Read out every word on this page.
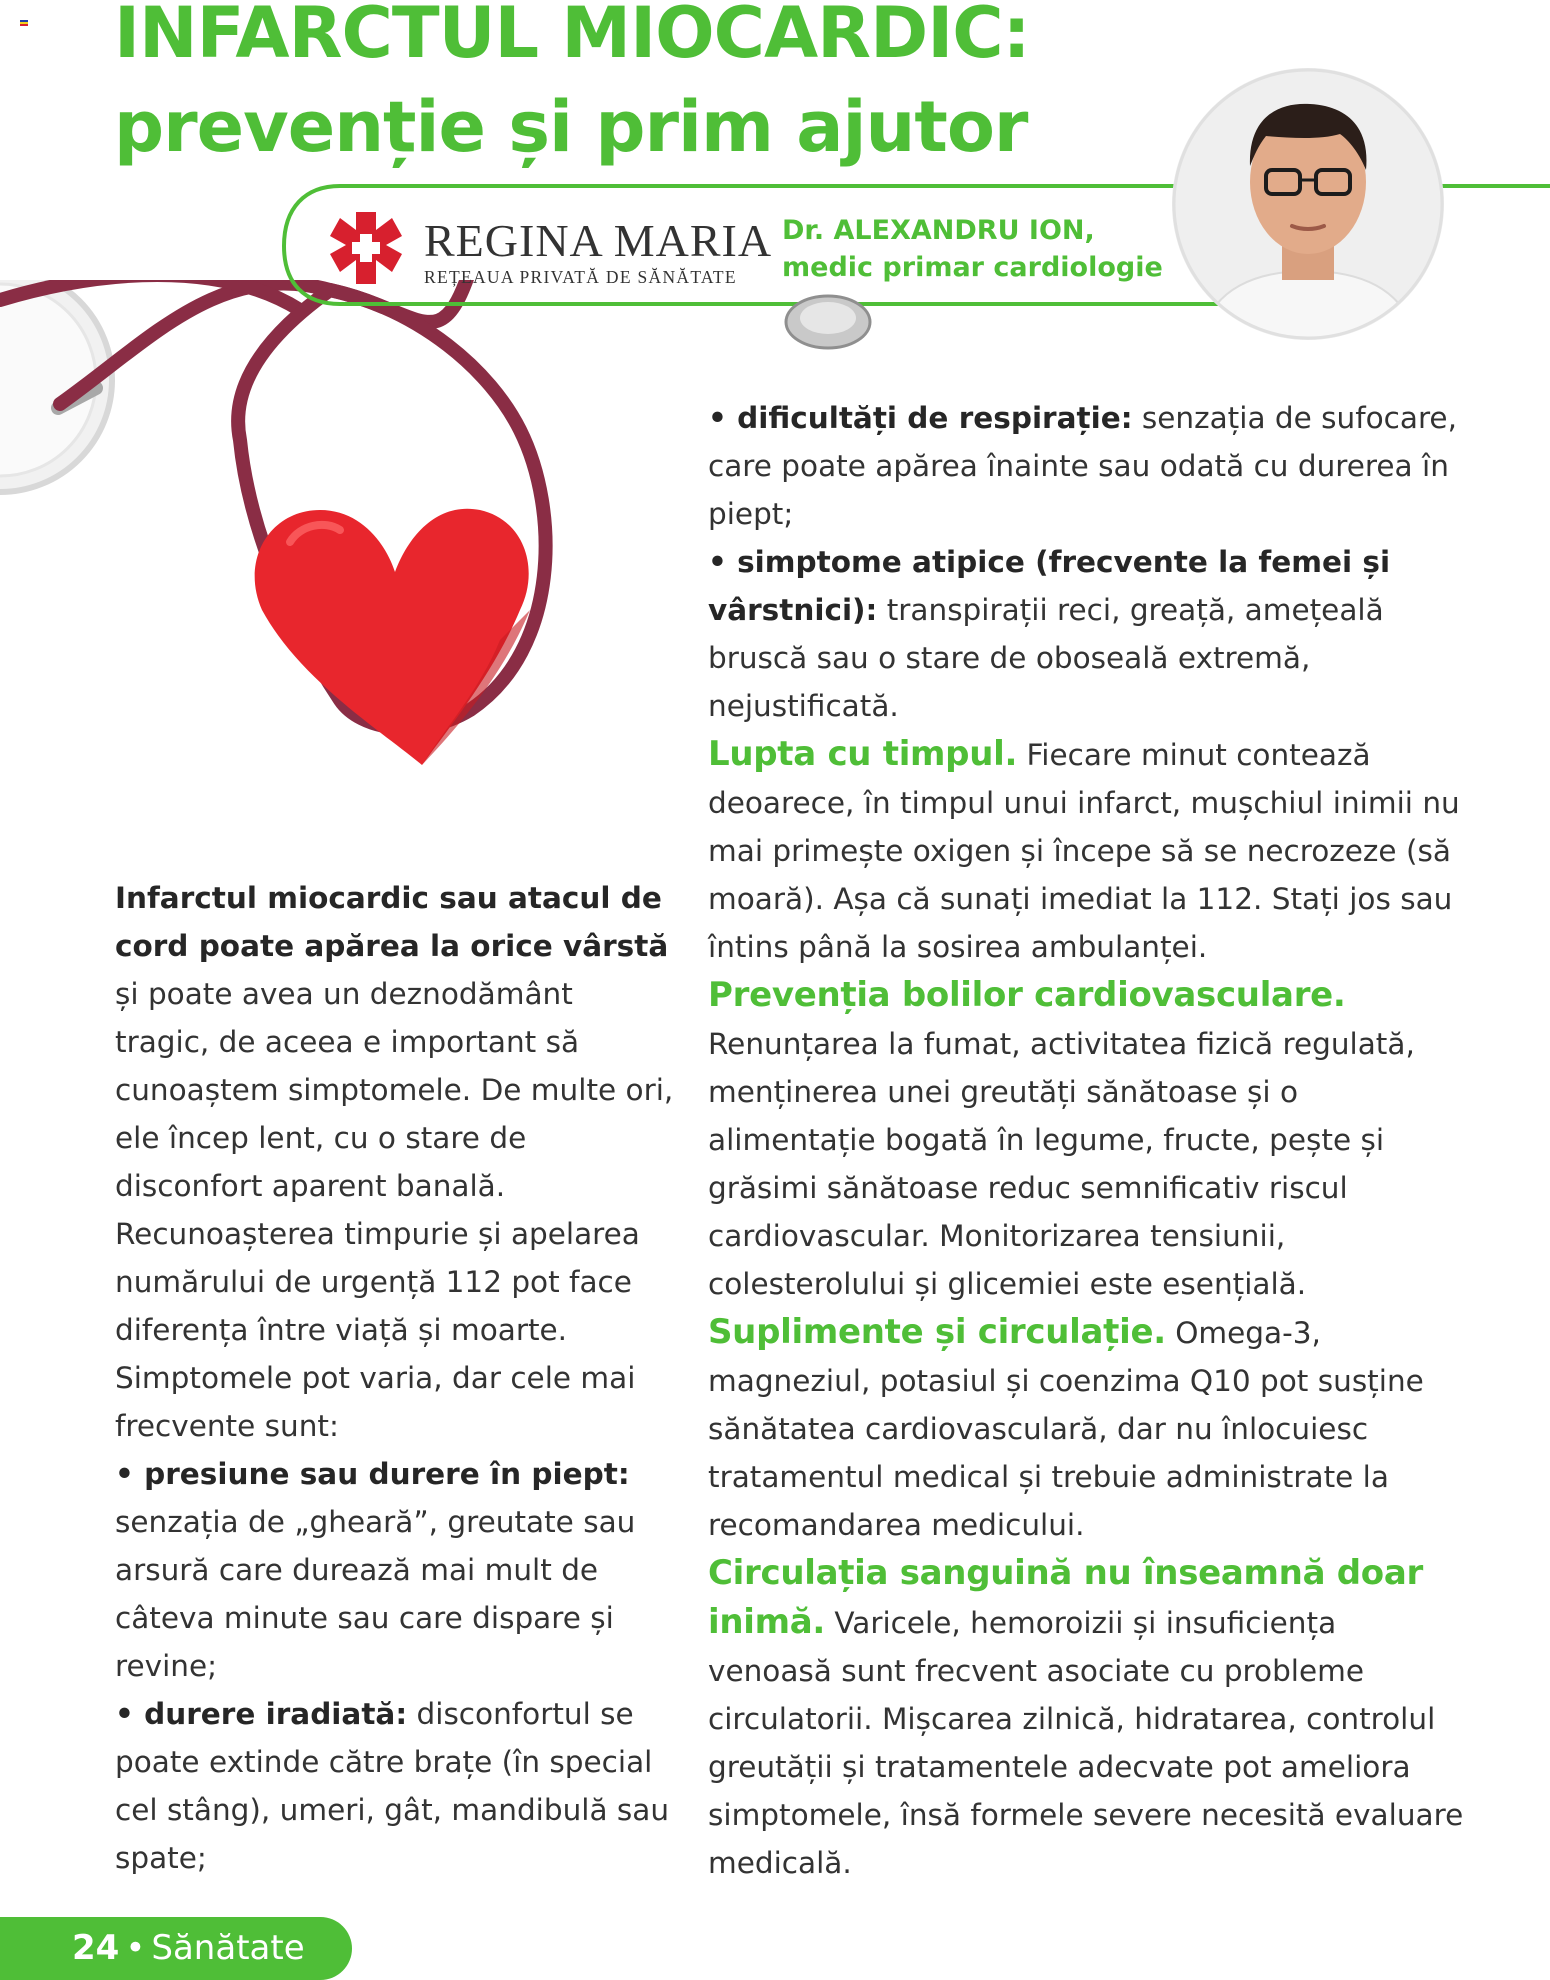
INFARCTUL MIOCARDIC:
prevenție și prim ajutor
REGINA MARIA
REȚEAUA PRIVATĂ DE SĂNĂTATE
Dr. ALEXANDRU ION,
medic primar cardiologie

Infarctul miocardic sau atacul de cord poate apărea la orice vârstă și poate avea un deznodământ tragic, de aceea e important să cunoaștem simptomele. De multe ori, ele încep lent, cu o stare de disconfort aparent banală. Recunoașterea timpurie și apelarea numărului de urgență 112 pot face diferența între viață și moarte. Simptomele pot varia, dar cele mai frecvente sunt:

• presiune sau durere în piept: senzația de „gheară”, greutate sau arsură care durează mai mult de câteva minute sau care dispare și revine;

• durere iradiată: disconfortul se poate extinde către brațe (în special cel stâng), umeri, gât, mandibulă sau spate;

• dificultăți de respirație: senzația de sufocare, care poate apărea înainte sau odată cu durerea în piept;

• simptome atipice (frecvente la femei și vârstnici): transpirații reci, greață, amețeală bruscă sau o stare de oboseală extremă, nejustificată.

Lupta cu timpul. Fiecare minut contează deoarece, în timpul unui infarct, mușchiul inimii nu mai primește oxigen și începe să se necrozeze (să moară). Așa că sunați imediat la 112. Stați jos sau întins până la sosirea ambulanței.

Prevenția bolilor cardiovasculare. Renunțarea la fumat, activitatea fizică regulată, menținerea unei greutăți sănătoase și o alimentație bogată în legume, fructe, pește și grăsimi sănătoase reduc semnificativ riscul cardiovascular. Monitorizarea tensiunii, colesterolului și glicemiei este esențială.

Suplimente și circulație. Omega-3, magneziul, potasiul și coenzima Q10 pot susține sănătatea cardiovasculară, dar nu înlocuiesc tratamentul medical și trebuie administrate la recomandarea medicului.

Circulația sanguină nu înseamnă doar inimă. Varicele, hemoroizii și insuficiența venoasă sunt frecvent asociate cu probleme circulatorii. Mișcarea zilnică, hidratarea, controlul greutății și tratamentele adecvate pot ameliora simptomele, însă formele severe necesită evaluare medicală.

24 • Sănătate
